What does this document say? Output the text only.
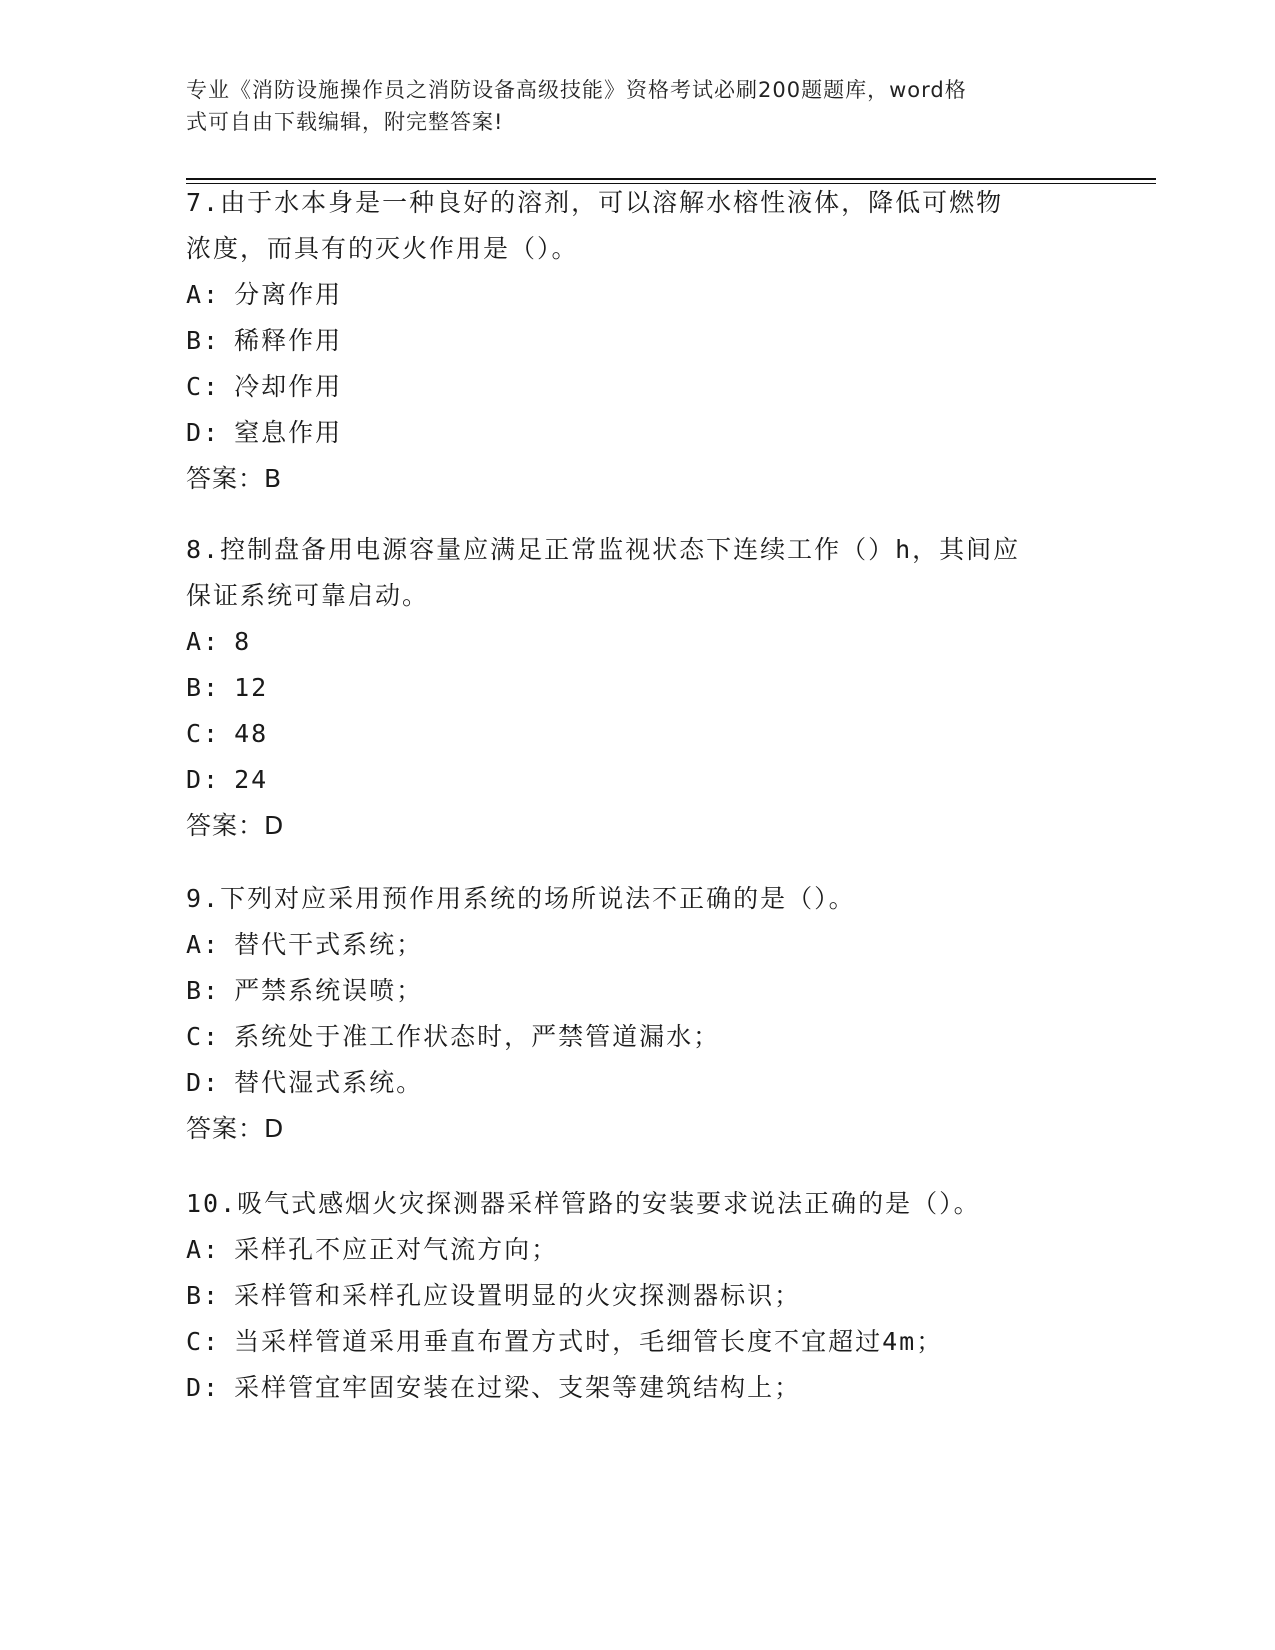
专业《消防设施操作员之消防设备高级技能》资格考试必刷200题题库，word格
式可自由下载编辑，附完整答案!
7.由于水本身是一种良好的溶剂，可以溶解水榕性液体，降低可燃物
浓度，而具有的灭火作用是（）。
A: 分离作用
B: 稀释作用
C: 冷却作用
D: 窒息作用
答案：B
8.控制盘备用电源容量应满足正常监视状态下连续工作（）h，其间应
保证系统可靠启动。
A: 8
B: 12
C: 48
D: 24
答案：D
9.下列对应采用预作用系统的场所说法不正确的是（）。
A: 替代干式系统；
B: 严禁系统误喷；
C: 系统处于准工作状态时，严禁管道漏水；
D: 替代湿式系统。
答案：D
10.吸气式感烟火灾探测器采样管路的安装要求说法正确的是（）。
A: 采样孔不应正对气流方向；
B: 采样管和采样孔应设置明显的火灾探测器标识；
C: 当采样管道采用垂直布置方式时，毛细管长度不宜超过4m；
D: 采样管宜牢固安装在过梁、支架等建筑结构上；
